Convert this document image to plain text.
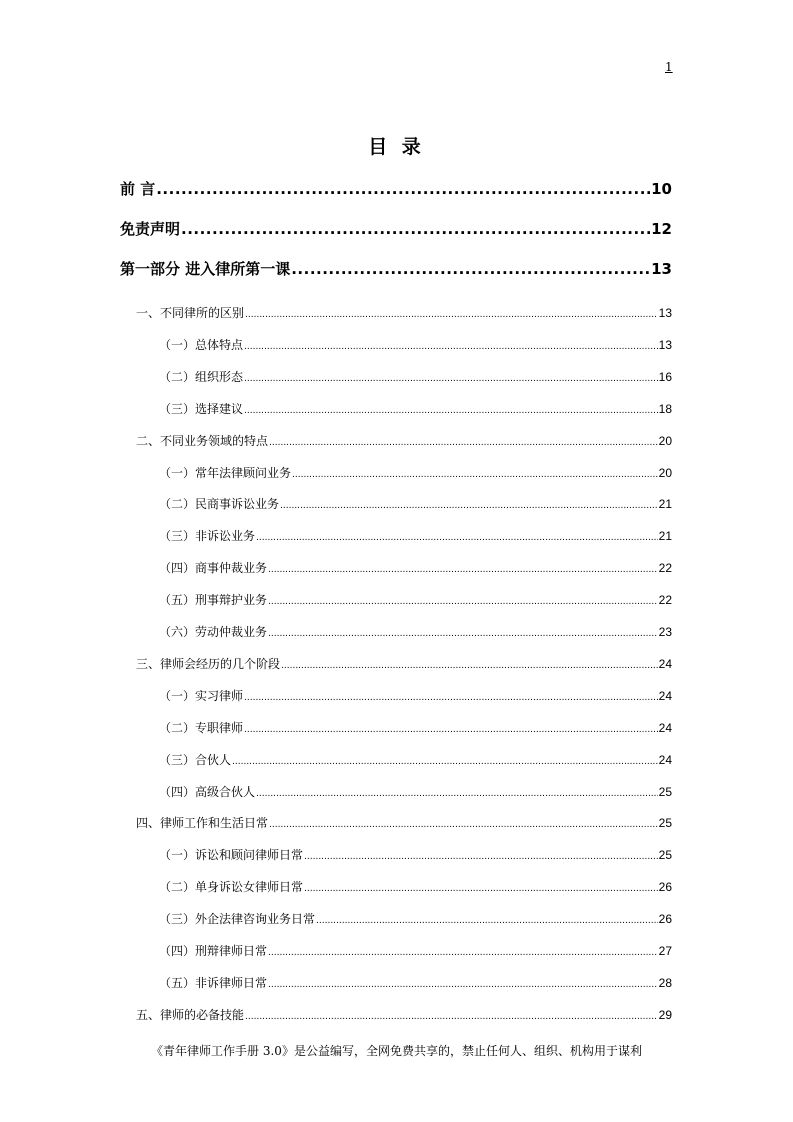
1
目 录
前 言 .....	10
免责声明 .....	12
第一部分 进入律所第一课 .....	13
一、不同律所的区别 .....	13
（一）总体特点 .....	13
（二）组织形态 .....	16
（三）选择建议 .....	18
二、不同业务领域的特点 .....	20
（一）常年法律顾问业务 .....	20
（二）民商事诉讼业务 .....	21
（三）非诉讼业务 .....	21
（四）商事仲裁业务 .....	22
（五）刑事辩护业务 .....	22
（六）劳动仲裁业务 .....	23
三、律师会经历的几个阶段 .....	24
（一）实习律师 .....	24
（二）专职律师 .....	24
（三）合伙人 .....	24
（四）高级合伙人 .....	25
四、律师工作和生活日常 .....	25
（一）诉讼和顾问律师日常 .....	25
（二）单身诉讼女律师日常 .....	26
（三）外企法律咨询业务日常 .....	26
（四）刑辩律师日常 .....	27
（五）非诉律师日常 .....	28
五、律师的必备技能 .....	29
《青年律师工作手册 3.0》是公益编写，全网免费共享的，禁止任何人、组织、机构用于谋利
